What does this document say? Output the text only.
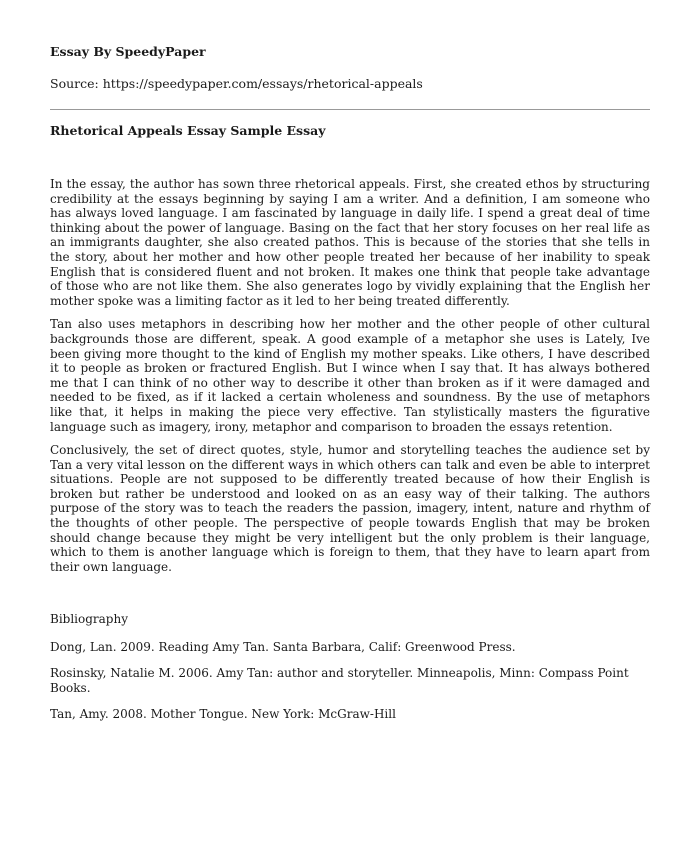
Essay By SpeedyPaper

Source: https://speedypaper.com/essays/rhetorical-appeals

Rhetorical Appeals Essay Sample Essay

In the essay, the author has sown three rhetorical appeals. First, she created ethos by structuring credibility at the essays beginning by saying I am a writer. And a definition, I am someone who has always loved language. I am fascinated by language in daily life. I spend a great deal of time thinking about the power of language. Basing on the fact that her story focuses on her real life as an immigrants daughter, she also created pathos. This is because of the stories that she tells in the story, about her mother and how other people treated her because of her inability to speak English that is considered fluent and not broken. It makes one think that people take advantage of those who are not like them. She also generates logo by vividly explaining that the English her mother spoke was a limiting factor as it led to her being treated differently.

Tan also uses metaphors in describing how her mother and the other people of other cultural backgrounds those are different, speak. A good example of a metaphor she uses is Lately, Ive been giving more thought to the kind of English my mother speaks. Like others, I have described it to people as broken or fractured English. But I wince when I say that. It has always bothered me that I can think of no other way to describe it other than broken as if it were damaged and needed to be fixed, as if it lacked a certain wholeness and soundness. By the use of metaphors like that, it helps in making the piece very effective. Tan stylistically masters the figurative language such as imagery, irony, metaphor and comparison to broaden the essays retention.

Conclusively, the set of direct quotes, style, humor and storytelling teaches the audience set by Tan a very vital lesson on the different ways in which others can talk and even be able to interpret situations. People are not supposed to be differently treated because of how their English is broken but rather be understood and looked on as an easy way of their talking. The authors purpose of the story was to teach the readers the passion, imagery, intent, nature and rhythm of the thoughts of other people. The perspective of people towards English that may be broken should change because they might be very intelligent but the only problem is their language, which to them is another language which is foreign to them, that they have to learn apart from their own language.

Bibliography

Dong, Lan. 2009. Reading Amy Tan. Santa Barbara, Calif: Greenwood Press.

Rosinsky, Natalie M. 2006. Amy Tan: author and storyteller. Minneapolis, Minn: Compass Point Books.

Tan, Amy. 2008. Mother Tongue. New York: McGraw-Hill
